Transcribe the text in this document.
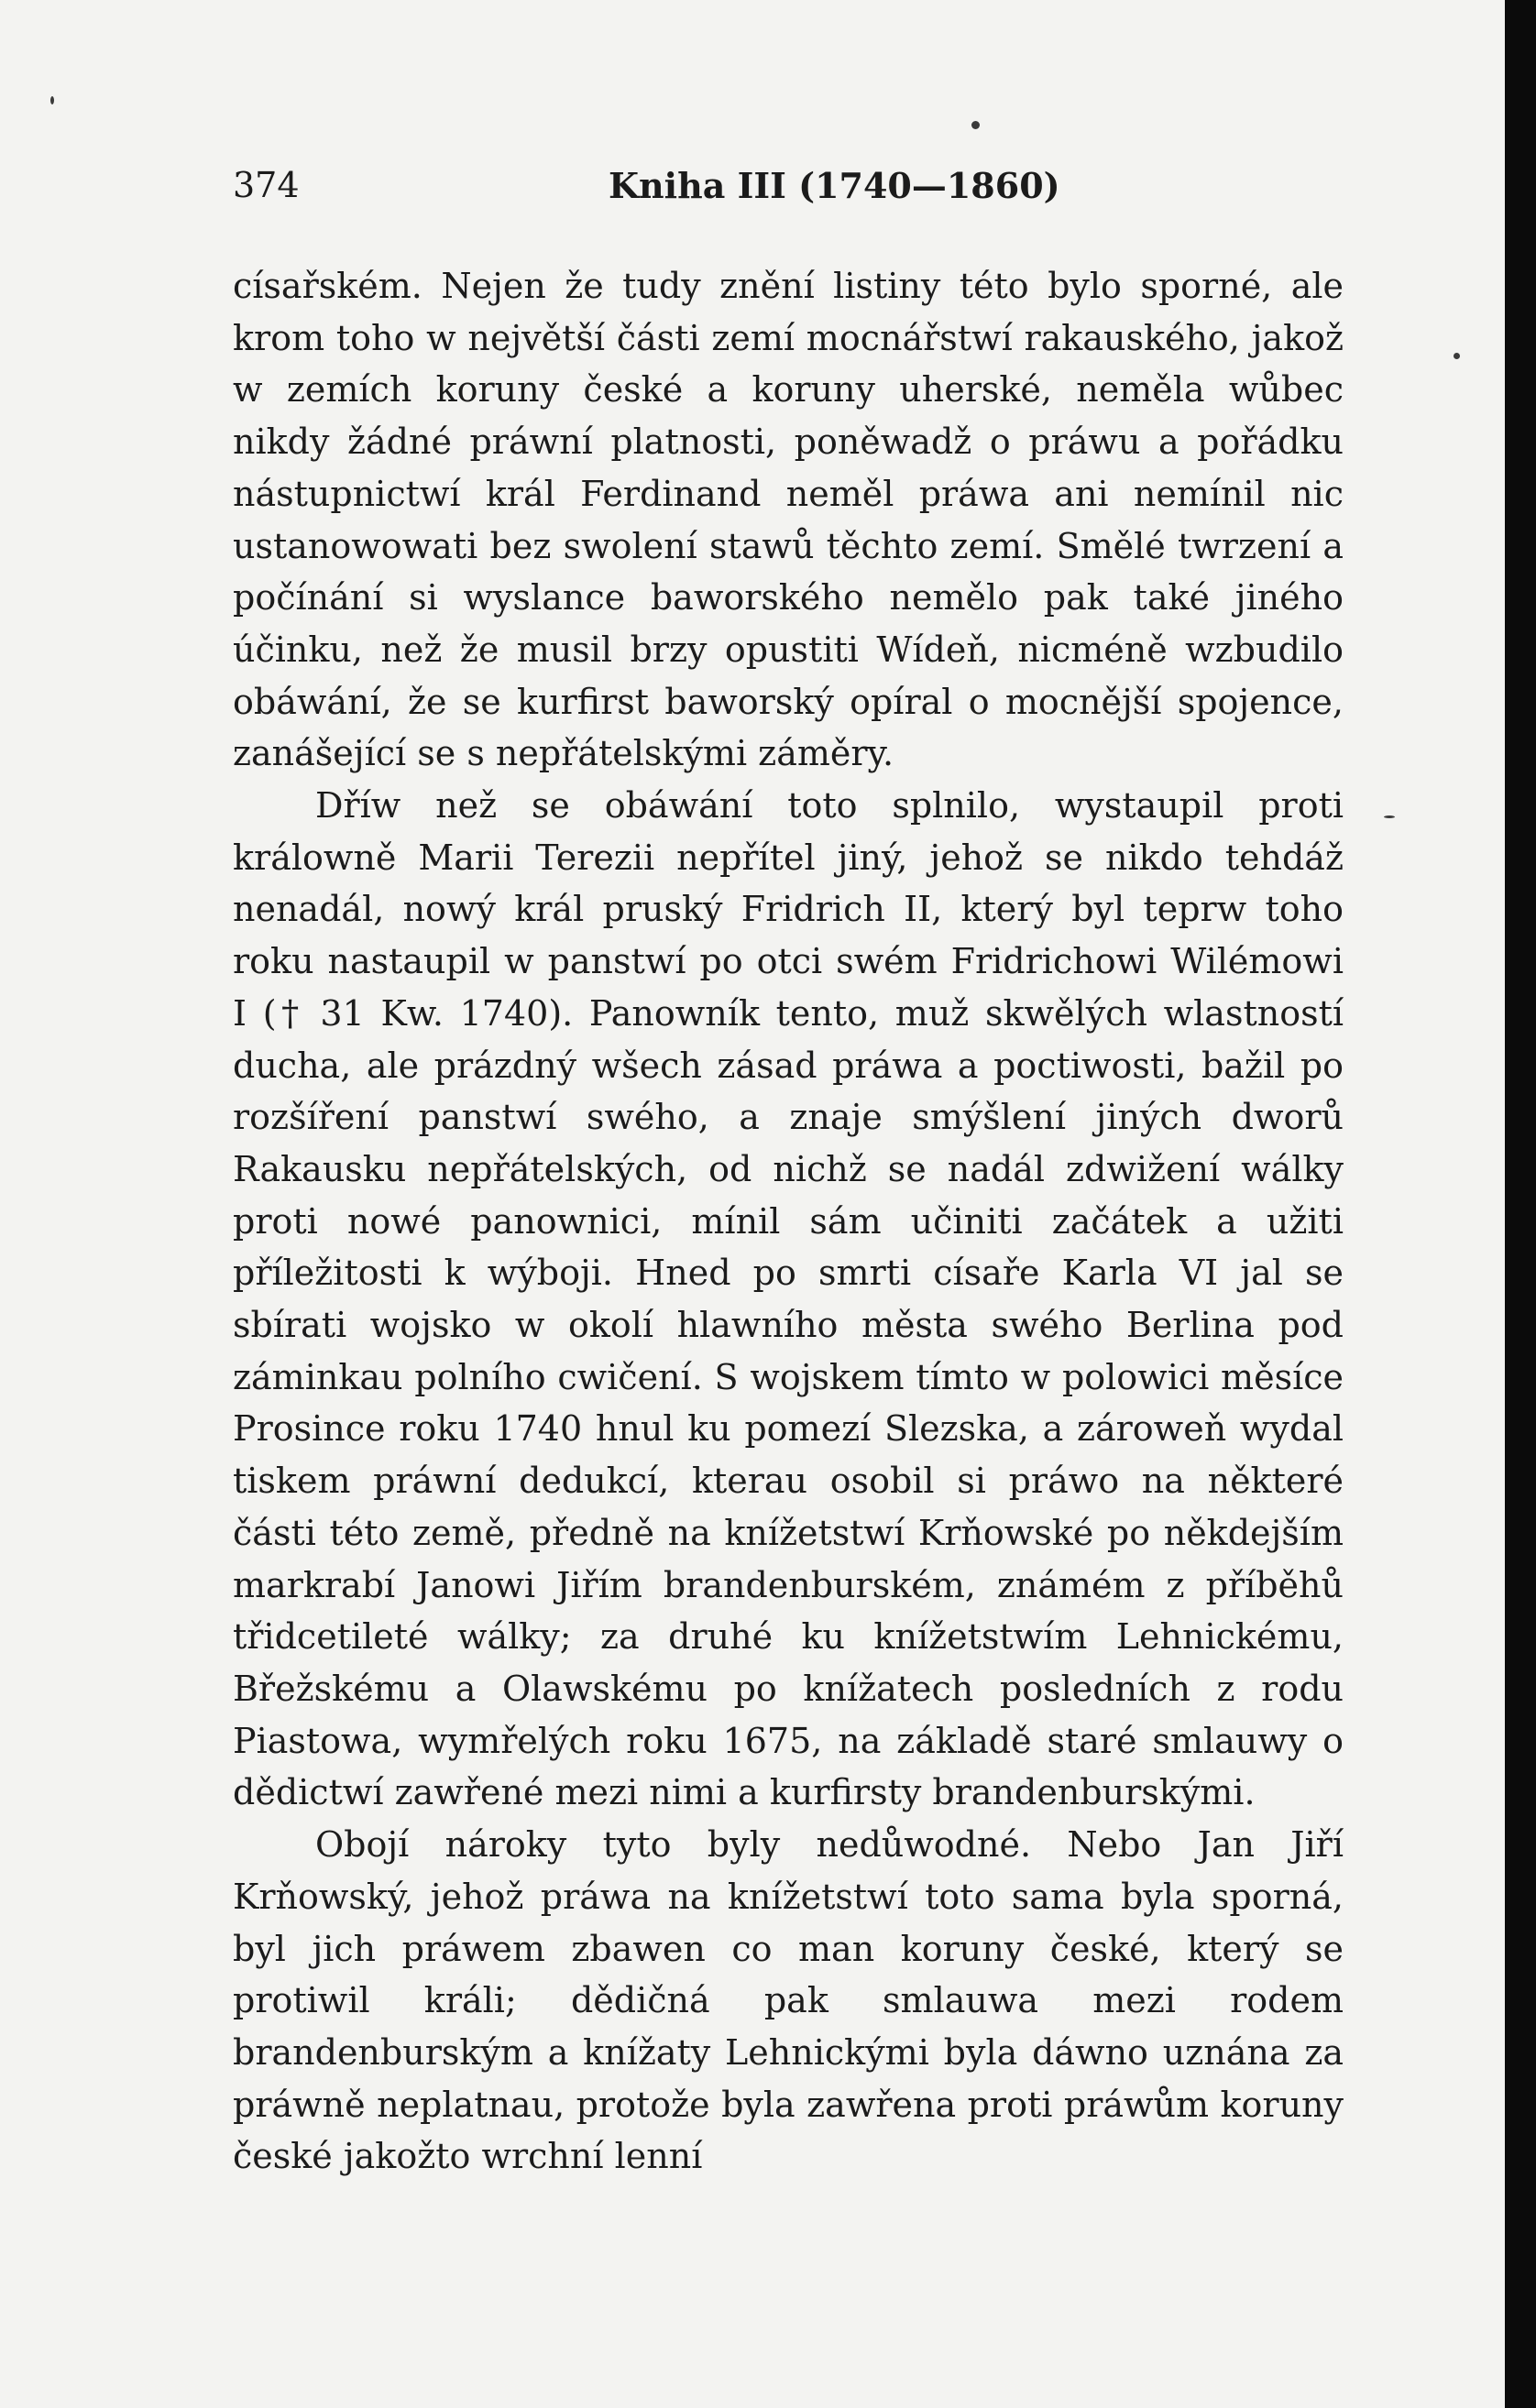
374	Kniha III (1740—1860)

císařském. Nejen že tudy znění listiny této bylo sporné, ale krom toho w největší části zemí mocnářstwí rakauského, jakož w zemích koruny české a koruny uherské, neměla wůbec nikdy žádné práwní platnosti, poněwadž o práwu a pořádku nástupnictwí král Ferdinand neměl práwa ani nemínil nic ustanowowati bez swolení stawů těchto zemí. Smělé twrzení a počínání si wyslance baworského nemělo pak také jiného účinku, než že musil brzy opustiti Wídeň, nicméně wzbudilo obáwání, že se kurfirst baworský opíral o mocnější spojence, zanášející se s nepřátelskými záměry.

Dříw než se obáwání toto splnilo, wystaupil proti králowně Marii Terezii nepřítel jiný, jehož se nikdo tehdáž nenadál, nowý král pruský Fridrich II, který byl teprw toho roku nastaupil w panstwí po otci swém Fridrichowi Wilémowi I († 31 Kw. 1740). Panowník tento, muž skwělých wlastností ducha, ale prázdný wšech zásad práwa a poctiwosti, bažil po rozšíření panstwí swého, a znaje smýšlení jiných dworů Rakausku nepřátelských, od nichž se nadál zdwižení wálky proti nowé panownici, mínil sám učiniti začátek a užiti příležitosti k wýboji. Hned po smrti císaře Karla VI jal se sbírati wojsko w okolí hlawního města swého Berlina pod záminkau polního cwičení. S wojskem tímto w polowici měsíce Prosince roku 1740 hnul ku pomezí Slezska, a zároweň wydal tiskem práwní dedukcí, kterau osobil si práwo na některé části této země, předně na knížetstwí Krňowské po někdejším markrabí Janowi Jiřím brandenburském, známém z příběhů třidcetileté wálky; za druhé ku knížetstwím Lehnickému, Břežskému a Olawskému po knížatech posledních z rodu Piastowa, wymřelých roku 1675, na základě staré smlauwy o dědictwí zawřené mezi nimi a kurfirsty brandenburskými.

Obojí nároky tyto byly nedůwodné. Nebo Jan Jiří Krňowský, jehož práwa na knížetstwí toto sama byla sporná, byl jich práwem zbawen co man koruny české, který se protiwil králi; dědičná pak smlauwa mezi rodem brandenburským a knížaty Lehnickými byla dáwno uznána za práwně neplatnau, protože byla zawřena proti práwům koruny české jakožto wrchní lenní
